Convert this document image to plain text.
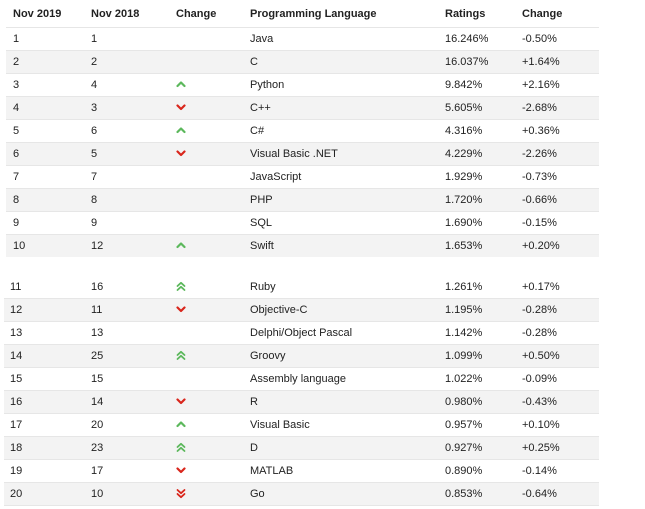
Nov 2019	Nov 2018	Change	Programming Language	Ratings	Change
1	1		Java	16.246%	-0.50%
2	2		C	16.037%	+1.64%
3	4		Python	9.842%	+2.16%
4	3		C++	5.605%	-2.68%
5	6		C#	4.316%	+0.36%
6	5		Visual Basic .NET	4.229%	-2.26%
7	7		JavaScript	1.929%	-0.73%
8	8		PHP	1.720%	-0.66%
9	9		SQL	1.690%	-0.15%
10	12		Swift	1.653%	+0.20%
11	16		Ruby	1.261%	+0.17%
12	11		Objective-C	1.195%	-0.28%
13	13		Delphi/Object Pascal	1.142%	-0.28%
14	25		Groovy	1.099%	+0.50%
15	15		Assembly language	1.022%	-0.09%
16	14		R	0.980%	-0.43%
17	20		Visual Basic	0.957%	+0.10%
18	23		D	0.927%	+0.25%
19	17		MATLAB	0.890%	-0.14%
20	10		Go	0.853%	-0.64%
